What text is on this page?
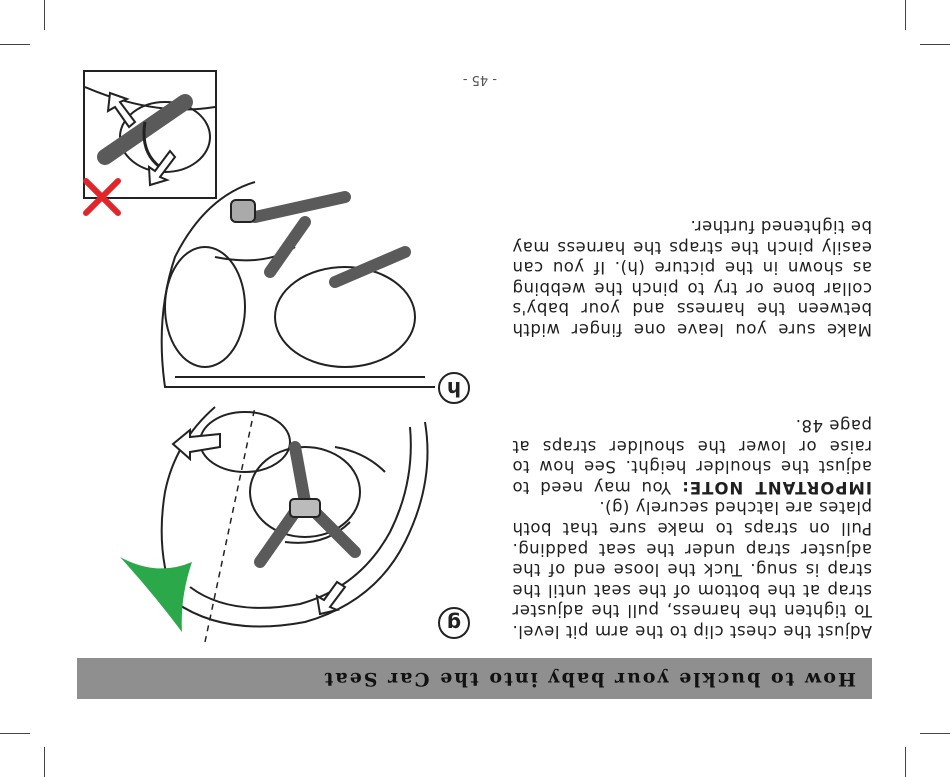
How to buckle your baby into the Car Seat
g	Adjust the chest clip to the arm pit level. To tighten the harness, pull the adjuster strap at the bottom of the seat until the strap is snug. Tuck the loose end of the adjuster strap under the seat padding. Pull on straps to make sure that both plates are latched securely (g).
IMPORTANT NOTE: You may need to adjust the shoulder height. See how to raise or lower the shoulder straps at page 48.

h

Make sure you leave one finger width between the harness and your baby's collar bone or try to pinch the webbing as shown in the picture (h). If you can easily pinch the straps the harness may be tightened further.

- 45 -
